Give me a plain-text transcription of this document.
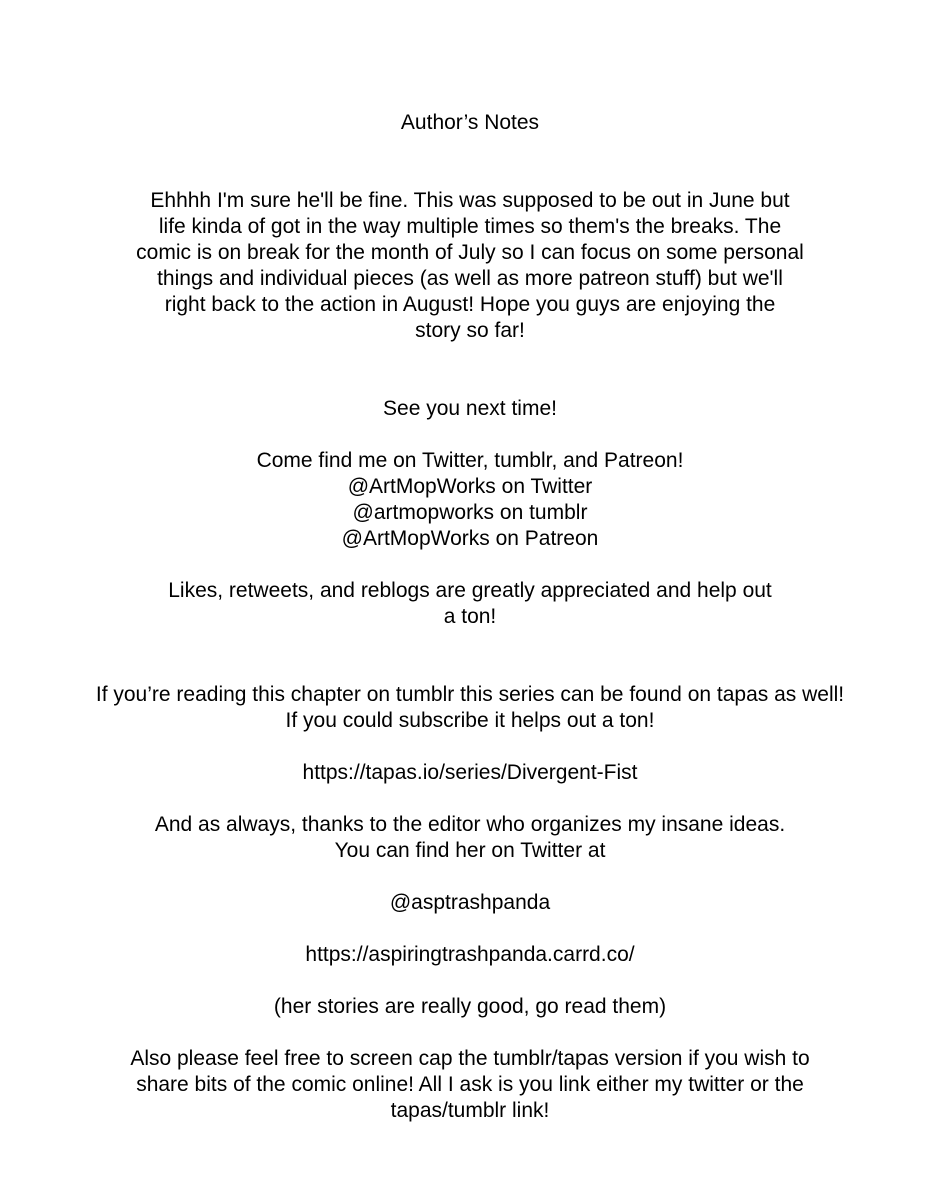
Author’s Notes
Ehhhh I'm sure he'll be fine. This was supposed to be out in June but
life kinda of got in the way multiple times so them's the breaks. The
comic is on break for the month of July so I can focus on some personal
things and individual pieces (as well as more patreon stuff) but we'll
right back to the action in August! Hope you guys are enjoying the
story so far!
See you next time!
Come find me on Twitter, tumblr, and Patreon!
@ArtMopWorks on Twitter
@artmopworks on tumblr
@ArtMopWorks on Patreon
Likes, retweets, and reblogs are greatly appreciated and help out
a ton!
If you’re reading this chapter on tumblr this series can be found on tapas as well!
If you could subscribe it helps out a ton!
https://tapas.io/series/Divergent-Fist
And as always, thanks to the editor who organizes my insane ideas.
You can find her on Twitter at
@asptrashpanda
https://aspiringtrashpanda.carrd.co/
(her stories are really good, go read them)
Also please feel free to screen cap the tumblr/tapas version if you wish to
share bits of the comic online! All I ask is you link either my twitter or the
tapas/tumblr link!
